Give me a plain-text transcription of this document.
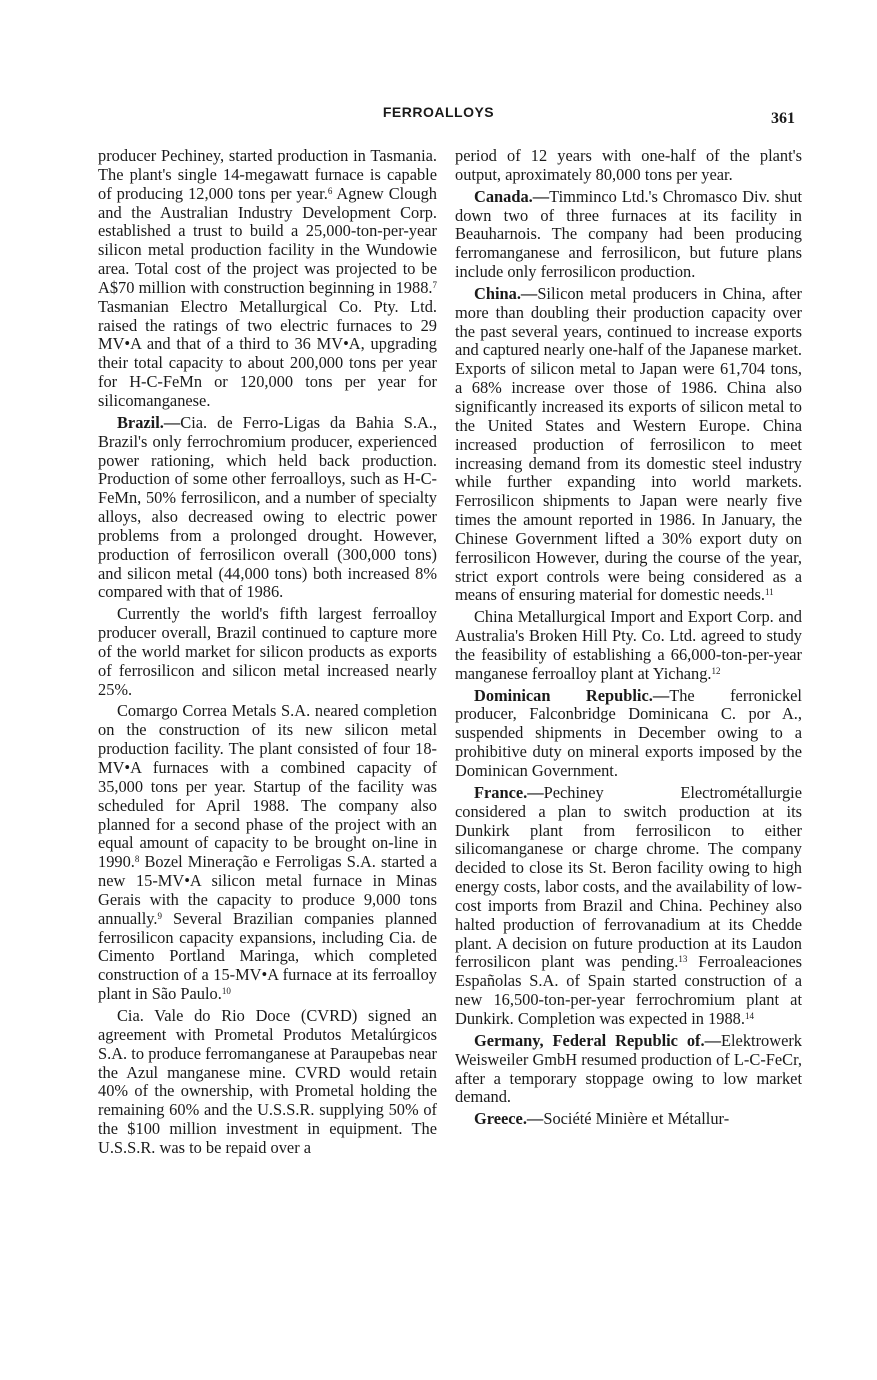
FERROALLOYS	361

producer Pechiney, started production in Tasmania. The plant's single 14-megawatt furnace is capable of producing 12,000 tons per year.$^6$ Agnew Clough and the Australian Industry Development Corp. established a trust to build a 25,000-ton-per-year silicon metal production facility in the Wundowie area. Total cost of the project was projected to be A$70 million with construction beginning in 1988.$^7$ Tasmanian Electro Metallurgical Co. Pty. Ltd. raised the ratings of two electric furnaces to 29 MV•A and that of a third to 36 MV•A, upgrading their total capacity to about 200,000 tons per year for H-C-FeMn or 120,000 tons per year for silicomanganese.

Brazil.—Cia. de Ferro-Ligas da Bahia S.A., Brazil's only ferrochromium producer, experienced power rationing, which held back production. Production of some other ferroalloys, such as H-C-FeMn, 50% ferrosilicon, and a number of specialty alloys, also decreased owing to electric power problems from a prolonged drought. However, production of ferrosilicon overall (300,000 tons) and silicon metal (44,000 tons) both increased 8% compared with that of 1986.

Currently the world's fifth largest ferroalloy producer overall, Brazil continued to capture more of the world market for silicon products as exports of ferrosilicon and silicon metal increased nearly 25%.

Comargo Correa Metals S.A. neared completion on the construction of its new silicon metal production facility. The plant consisted of four 18-MV•A furnaces with a combined capacity of 35,000 tons per year. Startup of the facility was scheduled for April 1988. The company also planned for a second phase of the project with an equal amount of capacity to be brought on-line in 1990.$^8$ Bozel Mineração e Ferroligas S.A. started a new 15-MV•A silicon metal furnace in Minas Gerais with the capacity to produce 9,000 tons annually.$^9$ Several Brazilian companies planned ferrosilicon capacity expansions, including Cia. de Cimento Portland Maringa, which completed construction of a 15-MV•A furnace at its ferroalloy plant in São Paulo.$^{10}$

Cia. Vale do Rio Doce (CVRD) signed an agreement with Prometal Produtos Metalúrgicos S.A. to produce ferromanganese at Paraupebas near the Azul manganese mine. CVRD would retain 40% of the ownership, with Prometal holding the remaining 60% and the U.S.S.R. supplying 50% of the $100 million investment in equipment. The U.S.S.R. was to be repaid over a

period of 12 years with one-half of the plant's output, aproximately 80,000 tons per year.

Canada.—Timminco Ltd.'s Chromasco Div. shut down two of three furnaces at its facility in Beauharnois. The company had been producing ferromanganese and ferrosilicon, but future plans include only ferrosilicon production.

China.—Silicon metal producers in China, after more than doubling their production capacity over the past several years, continued to increase exports and captured nearly one-half of the Japanese market. Exports of silicon metal to Japan were 61,704 tons, a 68% increase over those of 1986. China also significantly increased its exports of silicon metal to the United States and Western Europe. China increased production of ferrosilicon to meet increasing demand from its domestic steel industry while further expanding into world markets. Ferrosilicon shipments to Japan were nearly five times the amount reported in 1986. In January, the Chinese Government lifted a 30% export duty on ferrosilicon However, during the course of the year, strict export controls were being considered as a means of ensuring material for domestic needs.$^{11}$

China Metallurgical Import and Export Corp. and Australia's Broken Hill Pty. Co. Ltd. agreed to study the feasibility of establishing a 66,000-ton-per-year manganese ferroalloy plant at Yichang.$^{12}$

Dominican Republic.—The ferronickel producer, Falconbridge Dominicana C. por A., suspended shipments in December owing to a prohibitive duty on mineral exports imposed by the Dominican Government.

France.—Pechiney Electrométallurgie considered a plan to switch production at its Dunkirk plant from ferrosilicon to either silicomanganese or charge chrome. The company decided to close its St. Beron facility owing to high energy costs, labor costs, and the availability of low-cost imports from Brazil and China. Pechiney also halted production of ferrovanadium at its Chedde plant. A decision on future production at its Laudon ferrosilicon plant was pending.$^{13}$ Ferroaleaciones Españolas S.A. of Spain started construction of a new 16,500-ton-per-year ferrochromium plant at Dunkirk. Completion was expected in 1988.14

Germany, Federal Republic of.—Elektrowerk Weisweiler GmbH resumed production of L-C-FeCr, after a temporary stoppage owing to low market demand.

Greece.—Société Minière et Métallur-
